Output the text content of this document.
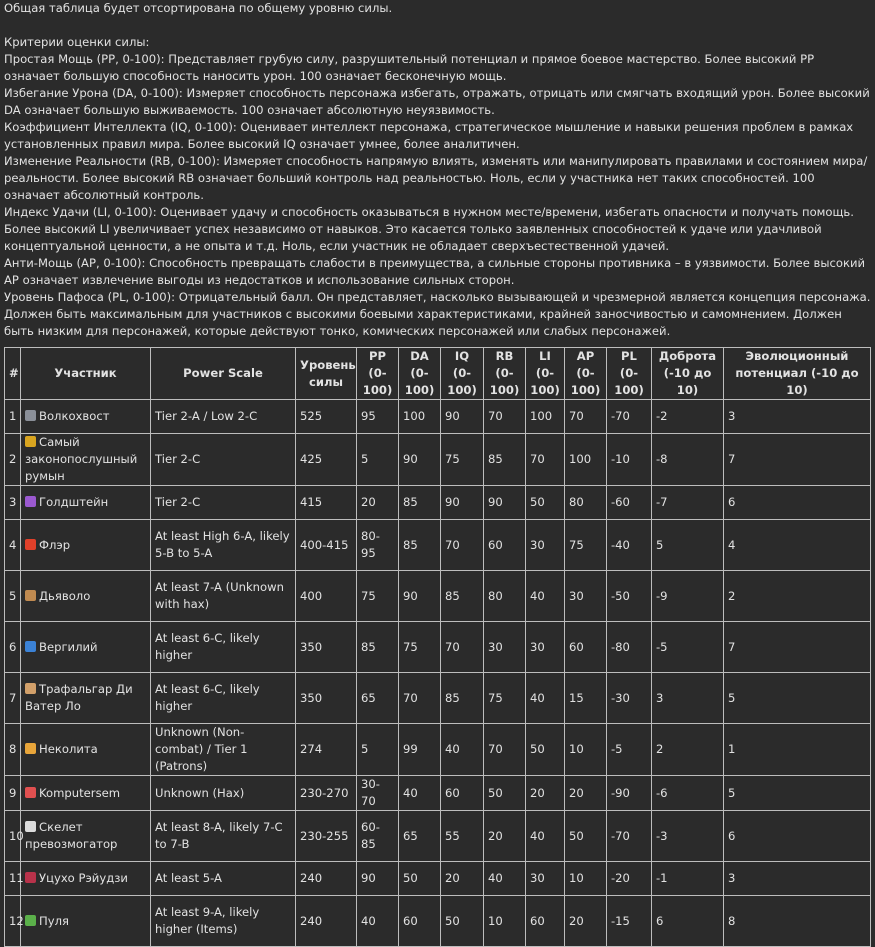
Общая таблица будет отсортирована по общему уровню силы.

Критерии оценки силы:

Простая Мощь (PP, 0-100): Представляет грубую силу, разрушительный потенциал и прямое боевое мастерство. Более высокий PP означает большую способность наносить урон. 100 означает бесконечную мощь.

Избегание Урона (DA, 0-100): Измеряет способность персонажа избегать, отражать, отрицать или смягчать входящий урон. Более высокий DA означает большую выживаемость. 100 означает абсолютную неуязвимость.

Коэффициент Интеллекта (IQ, 0-100): Оценивает интеллект персонажа, стратегическое мышление и навыки решения проблем в рамках установленных правил мира. Более высокий IQ означает умнее, более аналитичен.

Изменение Реальности (RB, 0-100): Измеряет способность напрямую влиять, изменять или манипулировать правилами и состоянием мира/реальности. Более высокий RB означает больший контроль над реальностью. Ноль, если у участника нет таких способностей. 100 означает абсолютный контроль.

Индекс Удачи (LI, 0-100): Оценивает удачу и способность оказываться в нужном месте/времени, избегать опасности и получать помощь. Более высокий LI увеличивает успех независимо от навыков. Это касается только заявленных способностей к удаче или удачливой концептуальной ценности, а не опыта и т.д. Ноль, если участник не обладает сверхъестественной удачей.

Анти-Мощь (AP, 0-100): Способность превращать слабости в преимущества, а сильные стороны противника – в уязвимости. Более высокий AP означает извлечение выгоды из недостатков и использование сильных сторон.

Уровень Пафоса (PL, 0-100): Отрицательный балл. Он представляет, насколько вызывающей и чрезмерной является концепция персонажа. Должен быть максимальным для участников с высокими боевыми характеристиками, крайней заносчивостью и самомнением. Должен быть низким для персонажей, которые действуют тонко, комических персонажей или слабых персонажей.

#	Участник	Power Scale	Уровень силы	PP (0-100)	DA (0-100)	IQ (0-100)	RB (0-100)	LI (0-100)	AP (0-100)	PL (0-100)	Доброта (-10 до 10)	Эволюционный потенциал (-10 до 10)
1	Волкохвост	Tier 2-A / Low 2-C	525	95	100	90	70	100	70	-70	-2	3
2	Самый законопослушный румын	Tier 2-C	425	5	90	75	85	70	100	-10	-8	7
3	Голдштейн	Tier 2-C	415	20	85	90	90	50	80	-60	-7	6
4	Флэр	At least High 6-A, likely 5-B to 5-A	400-415	80-95	85	70	60	30	75	-40	5	4
5	Дьяволо	At least 7-A (Unknown with hax)	400	75	90	85	80	40	30	-50	-9	2
6	Вергилий	At least 6-C, likely higher	350	85	75	70	30	30	60	-80	-5	7
7	Трафальгар Ди Ватер Ло	At least 6-C, likely higher	350	65	70	85	75	40	15	-30	3	5
8	Неколита	Unknown (Non-combat) / Tier 1 (Patrons)	274	5	99	40	70	50	10	-5	2	1
9	Komputersem	Unknown (Hax)	230-270	30-70	40	60	50	20	20	-90	-6	5
10	Скелет превозмогатор	At least 8-A, likely 7-C to 7-B	230-255	60-85	65	55	20	40	50	-70	-3	6
11	Уцухо Рэйудзи	At least 5-A	240	90	50	20	40	30	10	-20	-1	3
12	Пуля	At least 9-A, likely higher (Items)	240	40	60	50	10	60	20	-15	6	8
